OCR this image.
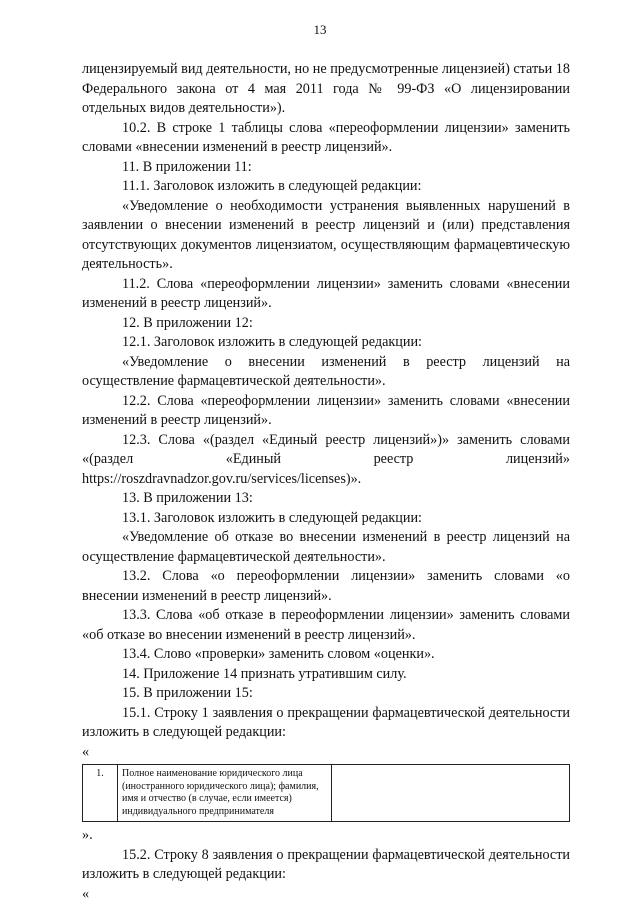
13

лицензируемый вид деятельности, но не предусмотренные лицензией) статьи 18 Федерального закона от 4 мая 2011 года № 99-ФЗ «О лицензировании отдельных видов деятельности»).

10.2. В строке 1 таблицы слова «переоформлении лицензии» заменить словами «внесении изменений в реестр лицензий».

11. В приложении 11:

11.1. Заголовок изложить в следующей редакции:

«Уведомление о необходимости устранения выявленных нарушений в заявлении о внесении изменений в реестр лицензий и (или) представления отсутствующих документов лицензиатом, осуществляющим фармацевтическую деятельность».

11.2. Слова «переоформлении лицензии» заменить словами «внесении изменений в реестр лицензий».

12. В приложении 12:

12.1. Заголовок изложить в следующей редакции:

«Уведомление о внесении изменений в реестр лицензий на осуществление фармацевтической деятельности».

12.2. Слова «переоформлении лицензии» заменить словами «внесении изменений в реестр лицензий».

12.3. Слова «(раздел «Единый реестр лицензий»)» заменить словами «(раздел «Единый реестр лицензий» https://roszdravnadzor.gov.ru/services/licenses)».

13. В приложении 13:

13.1. Заголовок изложить в следующей редакции:

«Уведомление об отказе во внесении изменений в реестр лицензий на осуществление фармацевтической деятельности».

13.2. Слова «о переоформлении лицензии» заменить словами «о внесении изменений в реестр лицензий».

13.3. Слова «об отказе в переоформлении лицензии» заменить словами «об отказе во внесении изменений в реестр лицензий».

13.4. Слово «проверки» заменить словом «оценки».

14. Приложение 14 признать утратившим силу.

15. В приложении 15:

15.1. Строку 1 заявления о прекращении фармацевтической деятельности изложить в следующей редакции:

«

1.	Полное наименование юридического лица (иностранного юридического лица); фамилия, имя и отчество (в случае, если имеется) индивидуального предпринимателя	

».

15.2. Строку 8 заявления о прекращении фармацевтической деятельности изложить в следующей редакции:

«
